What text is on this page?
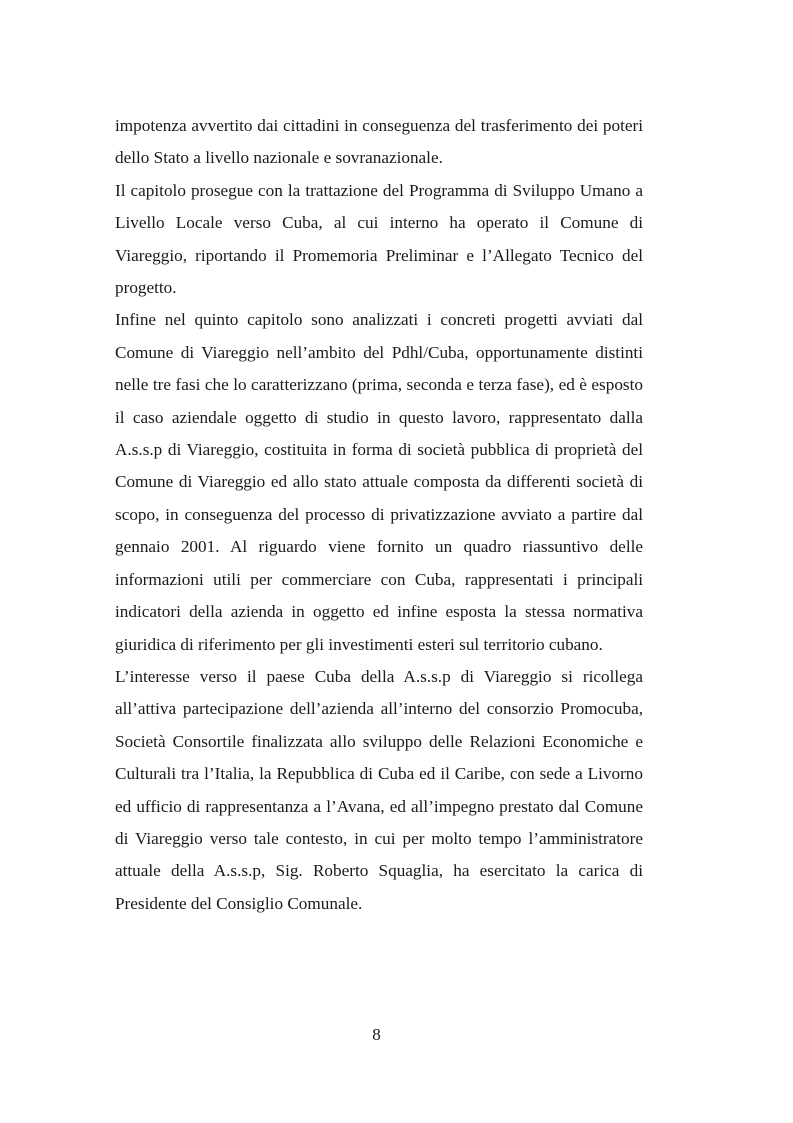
impotenza avvertito dai cittadini in conseguenza del trasferimento dei poteri dello Stato a livello nazionale e sovranazionale.

Il capitolo prosegue con la trattazione del Programma di Sviluppo Umano a Livello Locale verso Cuba, al cui interno ha operato il Comune di Viareggio, riportando il Promemoria Preliminar e l’Allegato Tecnico del progetto.

Infine nel quinto capitolo sono analizzati i concreti progetti avviati dal Comune di Viareggio nell’ambito del Pdhl/Cuba, opportunamente distinti nelle tre fasi che lo caratterizzano (prima, seconda e terza fase), ed è esposto il caso aziendale oggetto di studio in questo lavoro, rappresentato dalla A.s.s.p di Viareggio, costituita in forma di società pubblica di proprietà del Comune di Viareggio ed allo stato attuale composta da differenti società di scopo, in conseguenza del processo di privatizzazione avviato a partire dal gennaio 2001. Al riguardo viene fornito un quadro riassuntivo delle informazioni utili per commerciare con Cuba, rappresentati i principali indicatori della azienda in oggetto ed infine esposta la stessa normativa giuridica di riferimento per gli investimenti esteri sul territorio cubano.

L’interesse verso il paese Cuba della A.s.s.p di Viareggio si ricollega all’attiva partecipazione dell’azienda all’interno del consorzio Promocuba, Società Consortile finalizzata allo sviluppo delle Relazioni Economiche e Culturali tra l’Italia, la Repubblica di Cuba ed il Caribe, con sede a Livorno ed ufficio di rappresentanza a l’Avana, ed all’impegno prestato dal Comune di Viareggio verso tale contesto, in cui per molto tempo l’amministratore attuale della A.s.s.p, Sig. Roberto Squaglia, ha esercitato la carica di Presidente del Consiglio Comunale.

8
